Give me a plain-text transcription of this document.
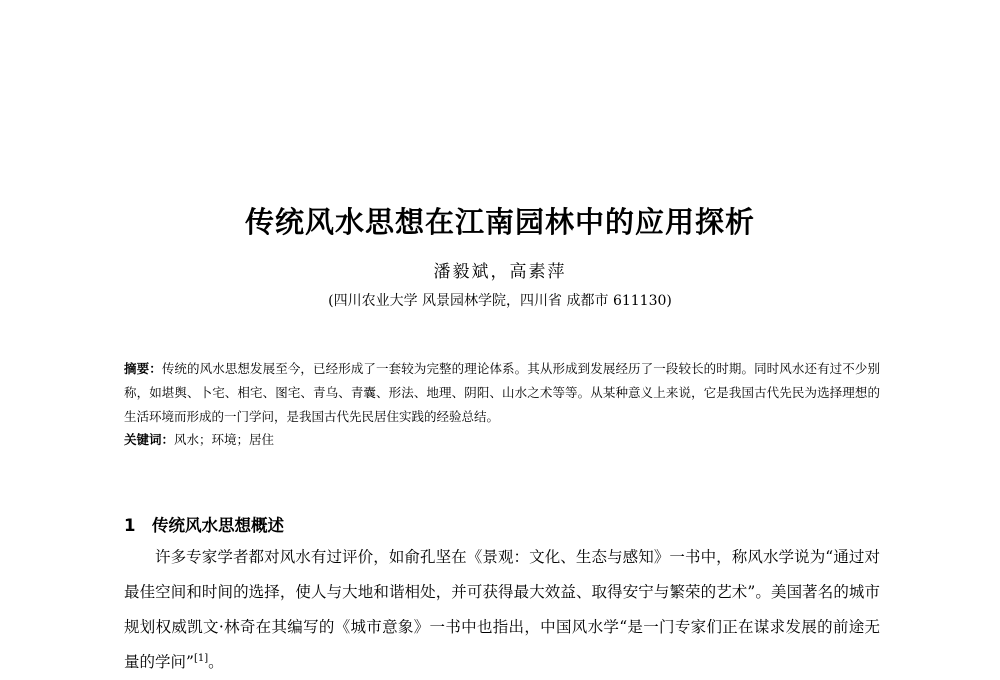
传统风水思想在江南园林中的应用探析
潘毅斌，高素萍
(四川农业大学 风景园林学院，四川省 成都市 611130)

摘要：传统的风水思想发展至今，已经形成了一套较为完整的理论体系。其从形成到发展经历了一段较长的时期。同时风水还有过不少别称，如堪舆、卜宅、相宅、图宅、青乌、青囊、形法、地理、阴阳、山水之术等等。从某种意义上来说，它是我国古代先民为选择理想的生活环境而形成的一门学问，是我国古代先民居住实践的经验总结。

关键词：风水；环境；居住

1 传统风水思想概述

许多专家学者都对风水有过评价，如俞孔坚在《景观：文化、生态与感知》一书中，称风水学说为“通过对最佳空间和时间的选择，使人与大地和谐相处，并可获得最大效益、取得安宁与繁荣的艺术”。美国著名的城市规划权威凯文·林奇在其编写的《城市意象》一书中也指出，中国风水学“是一门专家们正在谋求发展的前途无量的学问”[1]。
